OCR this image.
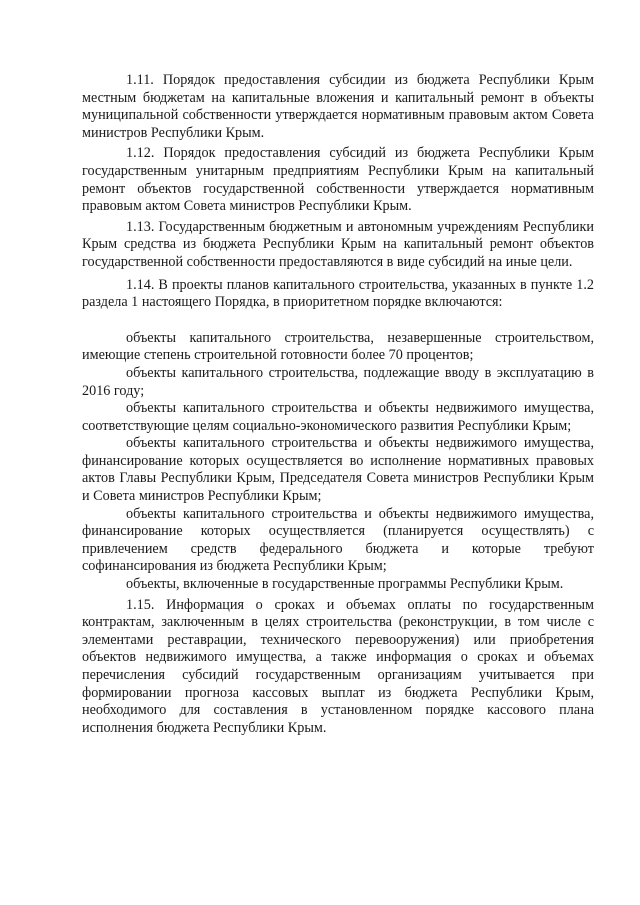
1.11. Порядок предоставления субсидии из бюджета Республики Крым местным бюджетам на капитальные вложения и капитальный ремонт в объекты муниципальной собственности утверждается нормативным правовым актом Совета министров Республики Крым.

1.12. Порядок предоставления субсидий из бюджета Республики Крым государственным унитарным предприятиям Республики Крым на капитальный ремонт объектов государственной собственности утверждается нормативным правовым актом Совета министров Республики Крым.

1.13. Государственным бюджетным и автономным учреждениям Республики Крым средства из бюджета Республики Крым на капитальный ремонт объектов государственной собственности предоставляются в виде субсидий на иные цели.

1.14. В проекты планов капитального строительства, указанных в пункте 1.2 раздела 1 настоящего Порядка, в приоритетном порядке включаются:

объекты капитального строительства, незавершенные строительством, имеющие степень строительной готовности более 70 процентов;

объекты капитального строительства, подлежащие вводу в эксплуатацию в 2016 году;

объекты капитального строительства и объекты недвижимого имущества, соответствующие целям социально-экономического развития Республики Крым;

объекты капитального строительства и объекты недвижимого имущества, финансирование которых осуществляется во исполнение нормативных правовых актов Главы Республики Крым, Председателя Совета министров Республики Крым и Совета министров Республики Крым;

объекты капитального строительства и объекты недвижимого имущества, финансирование которых осуществляется (планируется осуществлять) с привлечением средств федерального бюджета и которые требуют софинансирования из бюджета Республики Крым;

объекты, включенные в государственные программы Республики Крым.

1.15. Информация о сроках и объемах оплаты по государственным контрактам, заключенным в целях строительства (реконструкции, в том числе с элементами реставрации, технического перевооружения) или приобретения объектов недвижимого имущества, а также информация о сроках и объемах перечисления субсидий государственным организациям учитывается при формировании прогноза кассовых выплат из бюджета Республики Крым, необходимого для составления в установленном порядке кассового плана исполнения бюджета Республики Крым.
